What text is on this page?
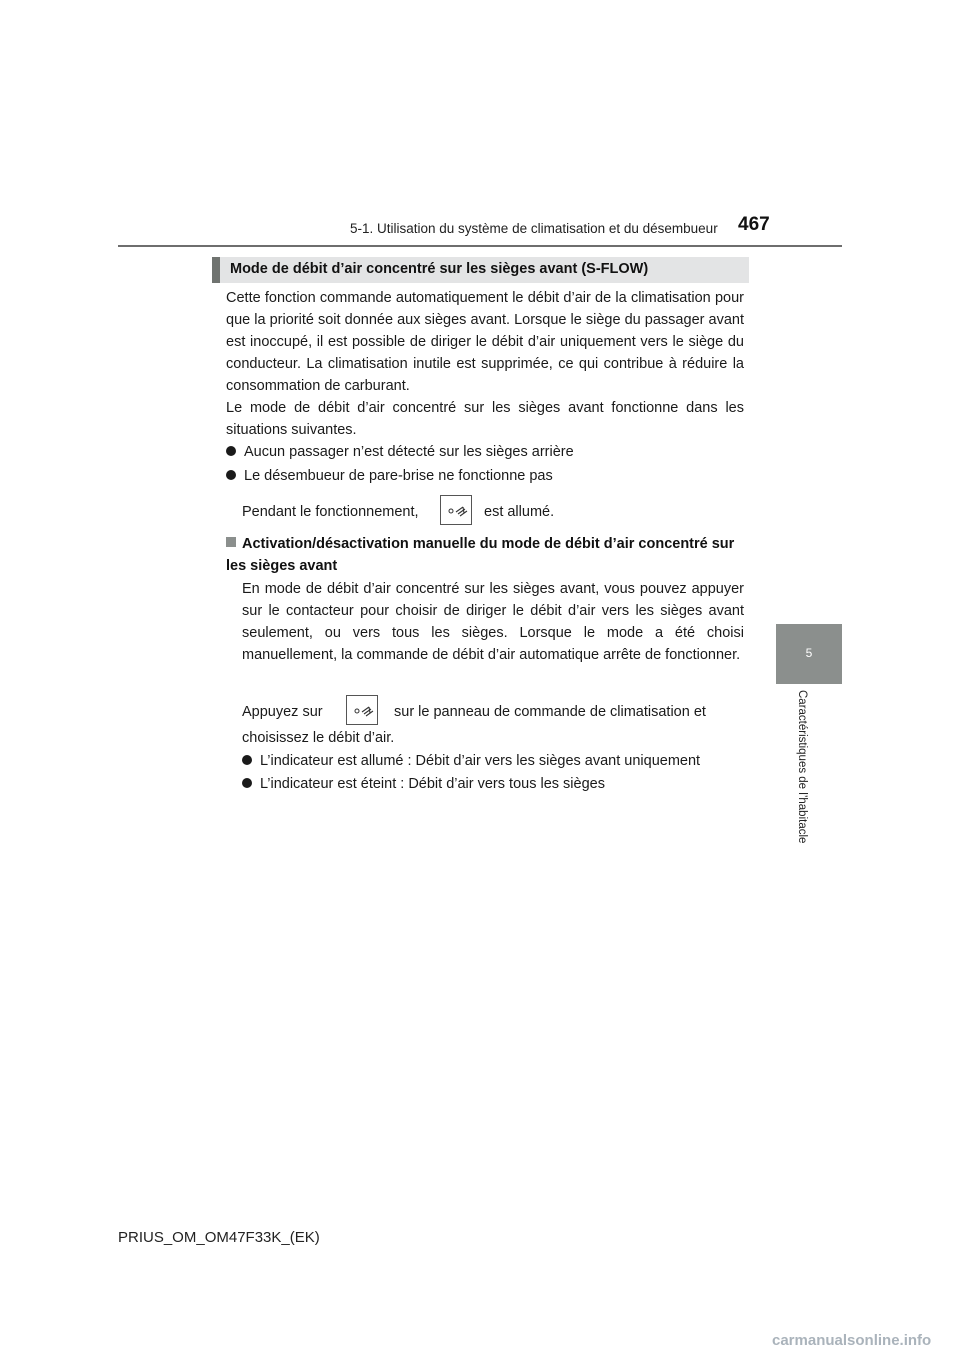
5-1. Utilisation du système de climatisation et du désembueur 467
5
Caractéristiques de l’habitacle
Mode de débit d’air concentré sur les sièges avant (S-FLOW)

Cette fonction commande automatiquement le débit d’air de la climatisation pour que la priorité soit donnée aux sièges avant. Lorsque le siège du passager avant est inoccupé, il est possible de diriger le débit d’air uniquement vers le siège du conducteur. La climatisation inutile est supprimée, ce qui contribue à réduire la consommation de carburant.

Le mode de débit d’air concentré sur les sièges avant fonctionne dans les situations suivantes.

Aucun passager n’est détecté sur les sièges arrière
Le désembueur de pare-brise ne fonctionne pas
Pendant le fonctionnement,	est allumé.
Activation/désactivation manuelle du mode de débit d’air concentré sur les sièges avant

En mode de débit d’air concentré sur les sièges avant, vous pouvez appuyer sur le contacteur pour choisir de diriger le débit d’air vers les sièges avant seulement, ou vers tous les sièges. Lorsque le mode a été choisi manuellement, la commande de débit d’air automatique arrête de fonctionner.

Appuyez sur	sur le panneau de commande de climatisation et
choisissez le débit d’air.
L’indicateur est allumé : Débit d’air vers les sièges avant uniquement
L’indicateur est éteint : Débit d’air vers tous les sièges
PRIUS_OM_OM47F33K_(EK)
carmanualsonline.info
